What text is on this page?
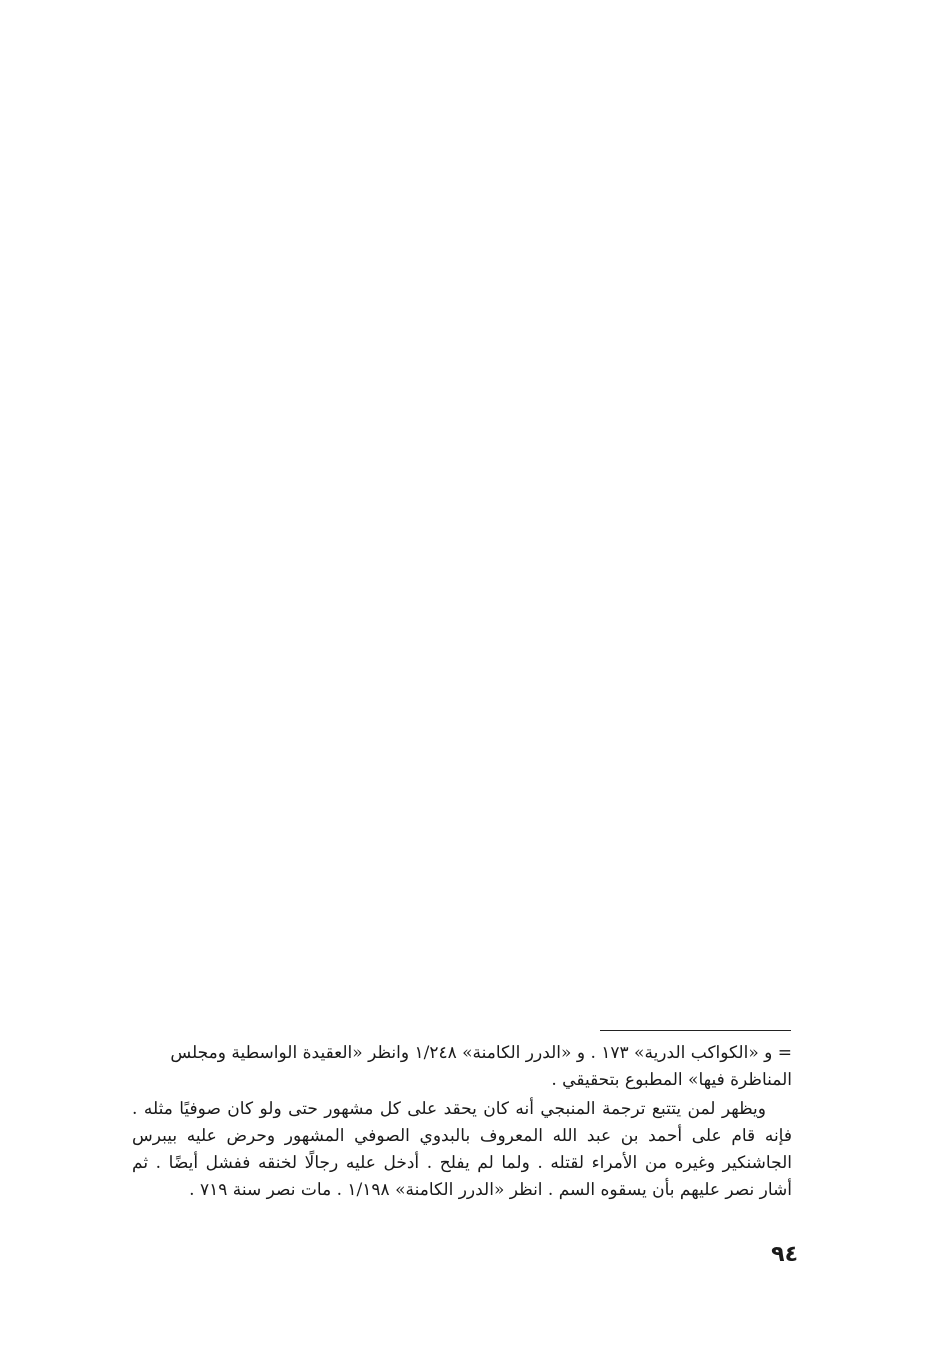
= و «الكواكب الدرية» ١٧٣ . و «الدرر الكامنة» ١/٢٤٨ وانظر «العقيدة الواسطية ومجلس المناظرة فيها» المطبوع بتحقيقي .

ويظهر لمن يتتبع ترجمة المنبجي أنه كان يحقد على كل مشهور حتى ولو كان صوفيًا مثله . فإنه قام على أحمد بن عبد الله المعروف بالبدوي الصوفي المشهور وحرض عليه بيبرس الجاشنكير وغيره من الأمراء لقتله . ولما لم يفلح . أدخل عليه رجالًا لخنقه ففشل أيضًا . ثم أشار نصر عليهم بأن يسقوه السم . انظر «الدرر الكامنة» ١/١٩٨ . مات نصر سنة ٧١٩ .

٩٤
